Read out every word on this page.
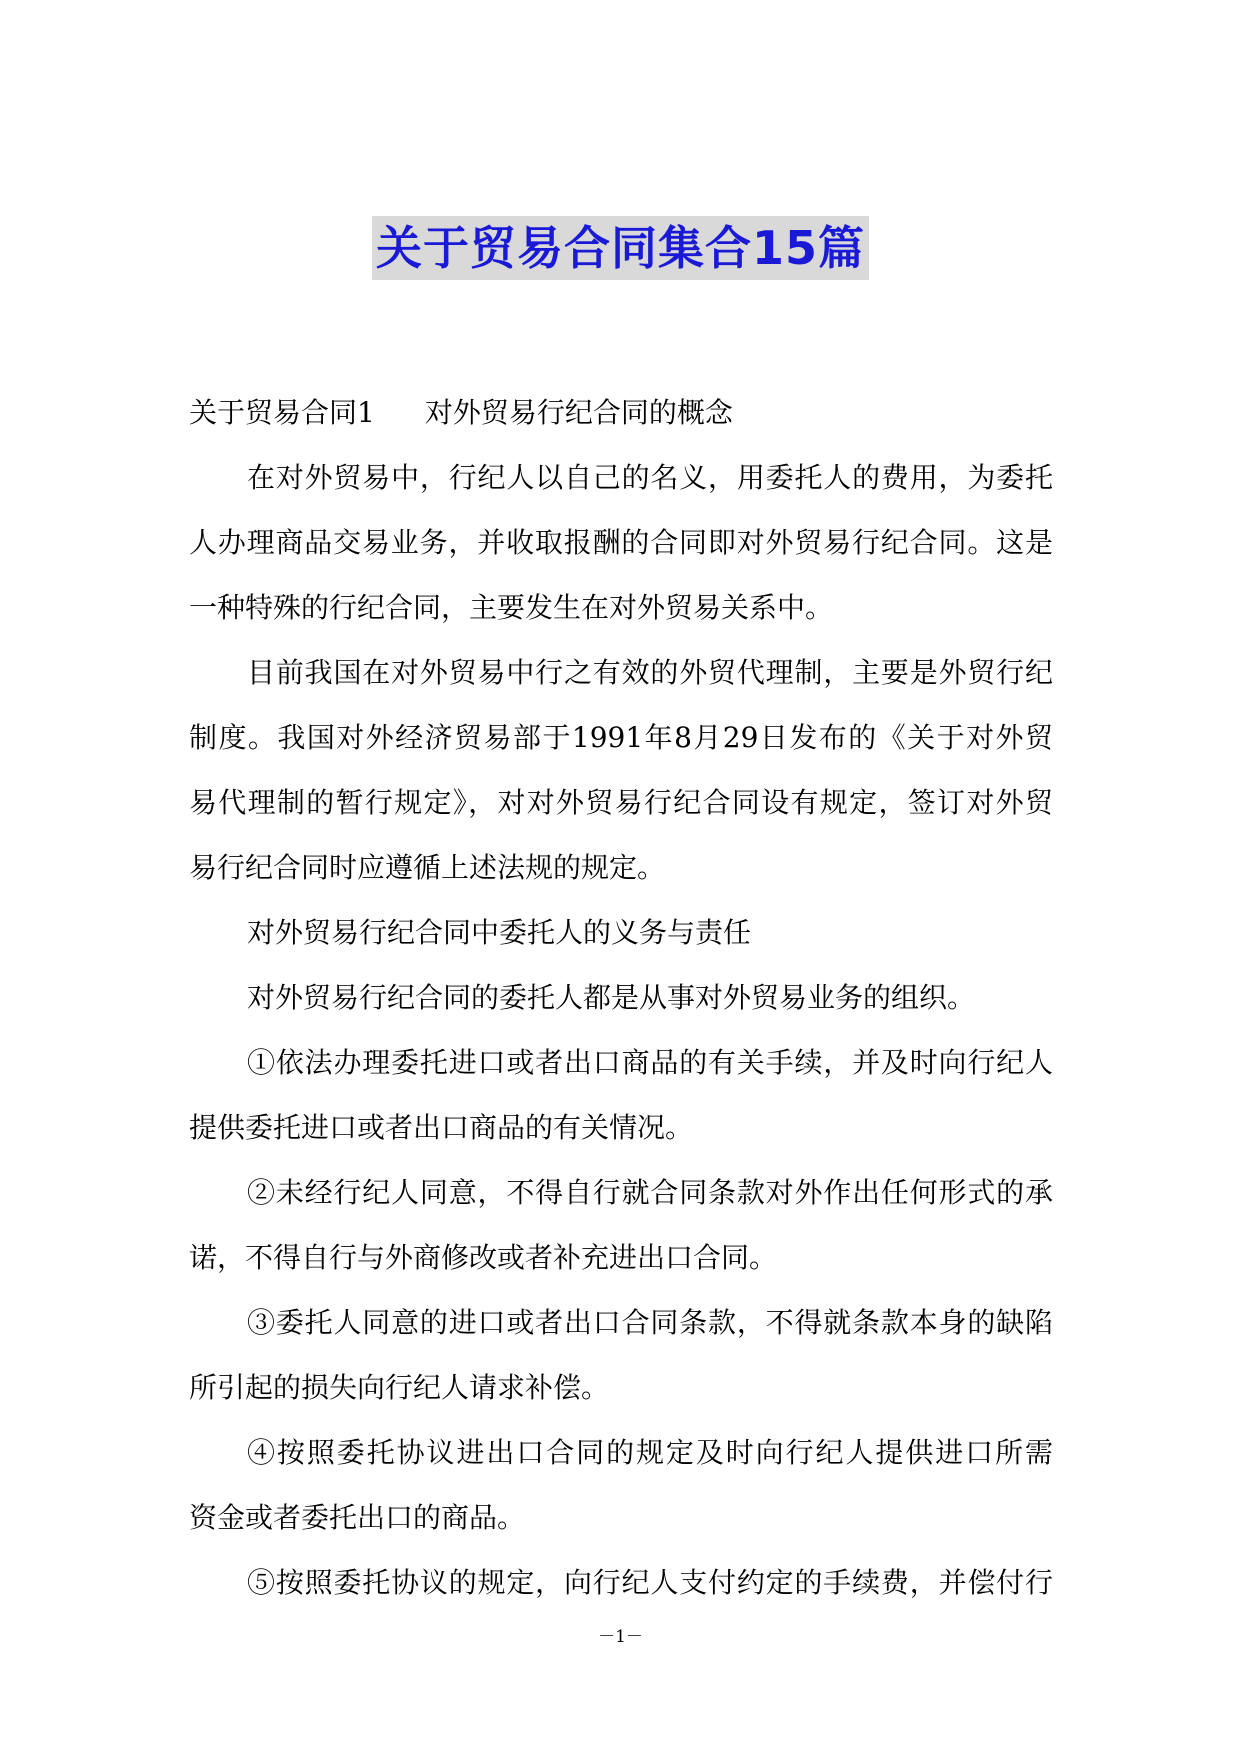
关于贸易合同集合15篇
关于贸易合同1 对外贸易行纪合同的概念
在对外贸易中，行纪人以自己的名义，用委托人的费用，为委托
人办理商品交易业务，并收取报酬的合同即对外贸易行纪合同。这是
一种特殊的行纪合同，主要发生在对外贸易关系中。
目前我国在对外贸易中行之有效的外贸代理制，主要是外贸行纪
制度。我国对外经济贸易部于1991年8月29日发布的《关于对外贸
易代理制的暂行规定》，对对外贸易行纪合同设有规定，签订对外贸
易行纪合同时应遵循上述法规的规定。
对外贸易行纪合同中委托人的义务与责任
对外贸易行纪合同的委托人都是从事对外贸易业务的组织。
①依法办理委托进口或者出口商品的有关手续，并及时向行纪人
提供委托进口或者出口商品的有关情况。
②未经行纪人同意，不得自行就合同条款对外作出任何形式的承
诺，不得自行与外商修改或者补充进出口合同。
③委托人同意的进口或者出口合同条款，不得就条款本身的缺陷
所引起的损失向行纪人请求补偿。
④按照委托协议进出口合同的规定及时向行纪人提供进口所需
资金或者委托出口的商品。
⑤按照委托协议的规定，向行纪人支付约定的手续费，并偿付行
－1－
